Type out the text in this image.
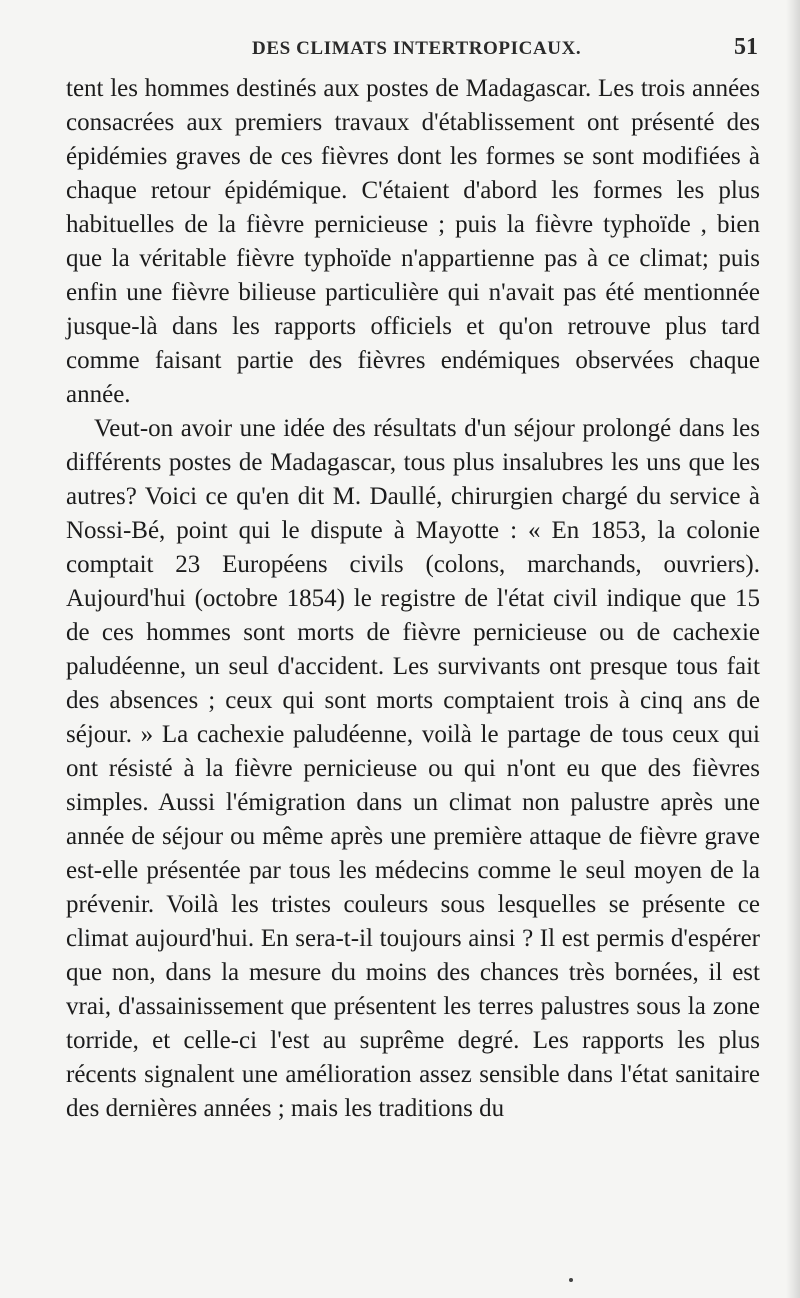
DES CLIMATS INTERTROPICAUX.	51

tent les hommes destinés aux postes de Madagascar. Les trois années consacrées aux premiers travaux d'établissement ont présenté des épidémies graves de ces fièvres dont les formes se sont modifiées à chaque retour épidémique. C'étaient d'abord les formes les plus habituelles de la fièvre pernicieuse ; puis la fièvre typhoïde , bien que la véritable fièvre typhoïde n'appartienne pas à ce climat; puis enfin une fièvre bilieuse particulière qui n'avait pas été mentionnée jusque-là dans les rapports officiels et qu'on retrouve plus tard comme faisant partie des fièvres endémiques observées chaque année.

Veut-on avoir une idée des résultats d'un séjour prolongé dans les différents postes de Madagascar, tous plus insalubres les uns que les autres? Voici ce qu'en dit M. Daullé, chirurgien chargé du service à Nossi-Bé, point qui le dispute à Mayotte : « En 1853, la colonie comptait 23 Européens civils (colons, marchands, ouvriers). Aujourd'hui (octobre 1854) le registre de l'état civil indique que 15 de ces hommes sont morts de fièvre pernicieuse ou de cachexie paludéenne, un seul d'accident. Les survivants ont presque tous fait des absences ; ceux qui sont morts comptaient trois à cinq ans de séjour. » La cachexie paludéenne, voilà le partage de tous ceux qui ont résisté à la fièvre pernicieuse ou qui n'ont eu que des fièvres simples. Aussi l'émigration dans un climat non palustre après une année de séjour ou même après une première attaque de fièvre grave est-elle présentée par tous les médecins comme le seul moyen de la prévenir. Voilà les tristes couleurs sous lesquelles se présente ce climat aujourd'hui. En sera-t-il toujours ainsi ? Il est permis d'espérer que non, dans la mesure du moins des chances très bornées, il est vrai, d'assainissement que présentent les terres palustres sous la zone torride, et celle-ci l'est au suprême degré. Les rapports les plus récents signalent une amélioration assez sensible dans l'état sanitaire des dernières années ; mais les traditions du
